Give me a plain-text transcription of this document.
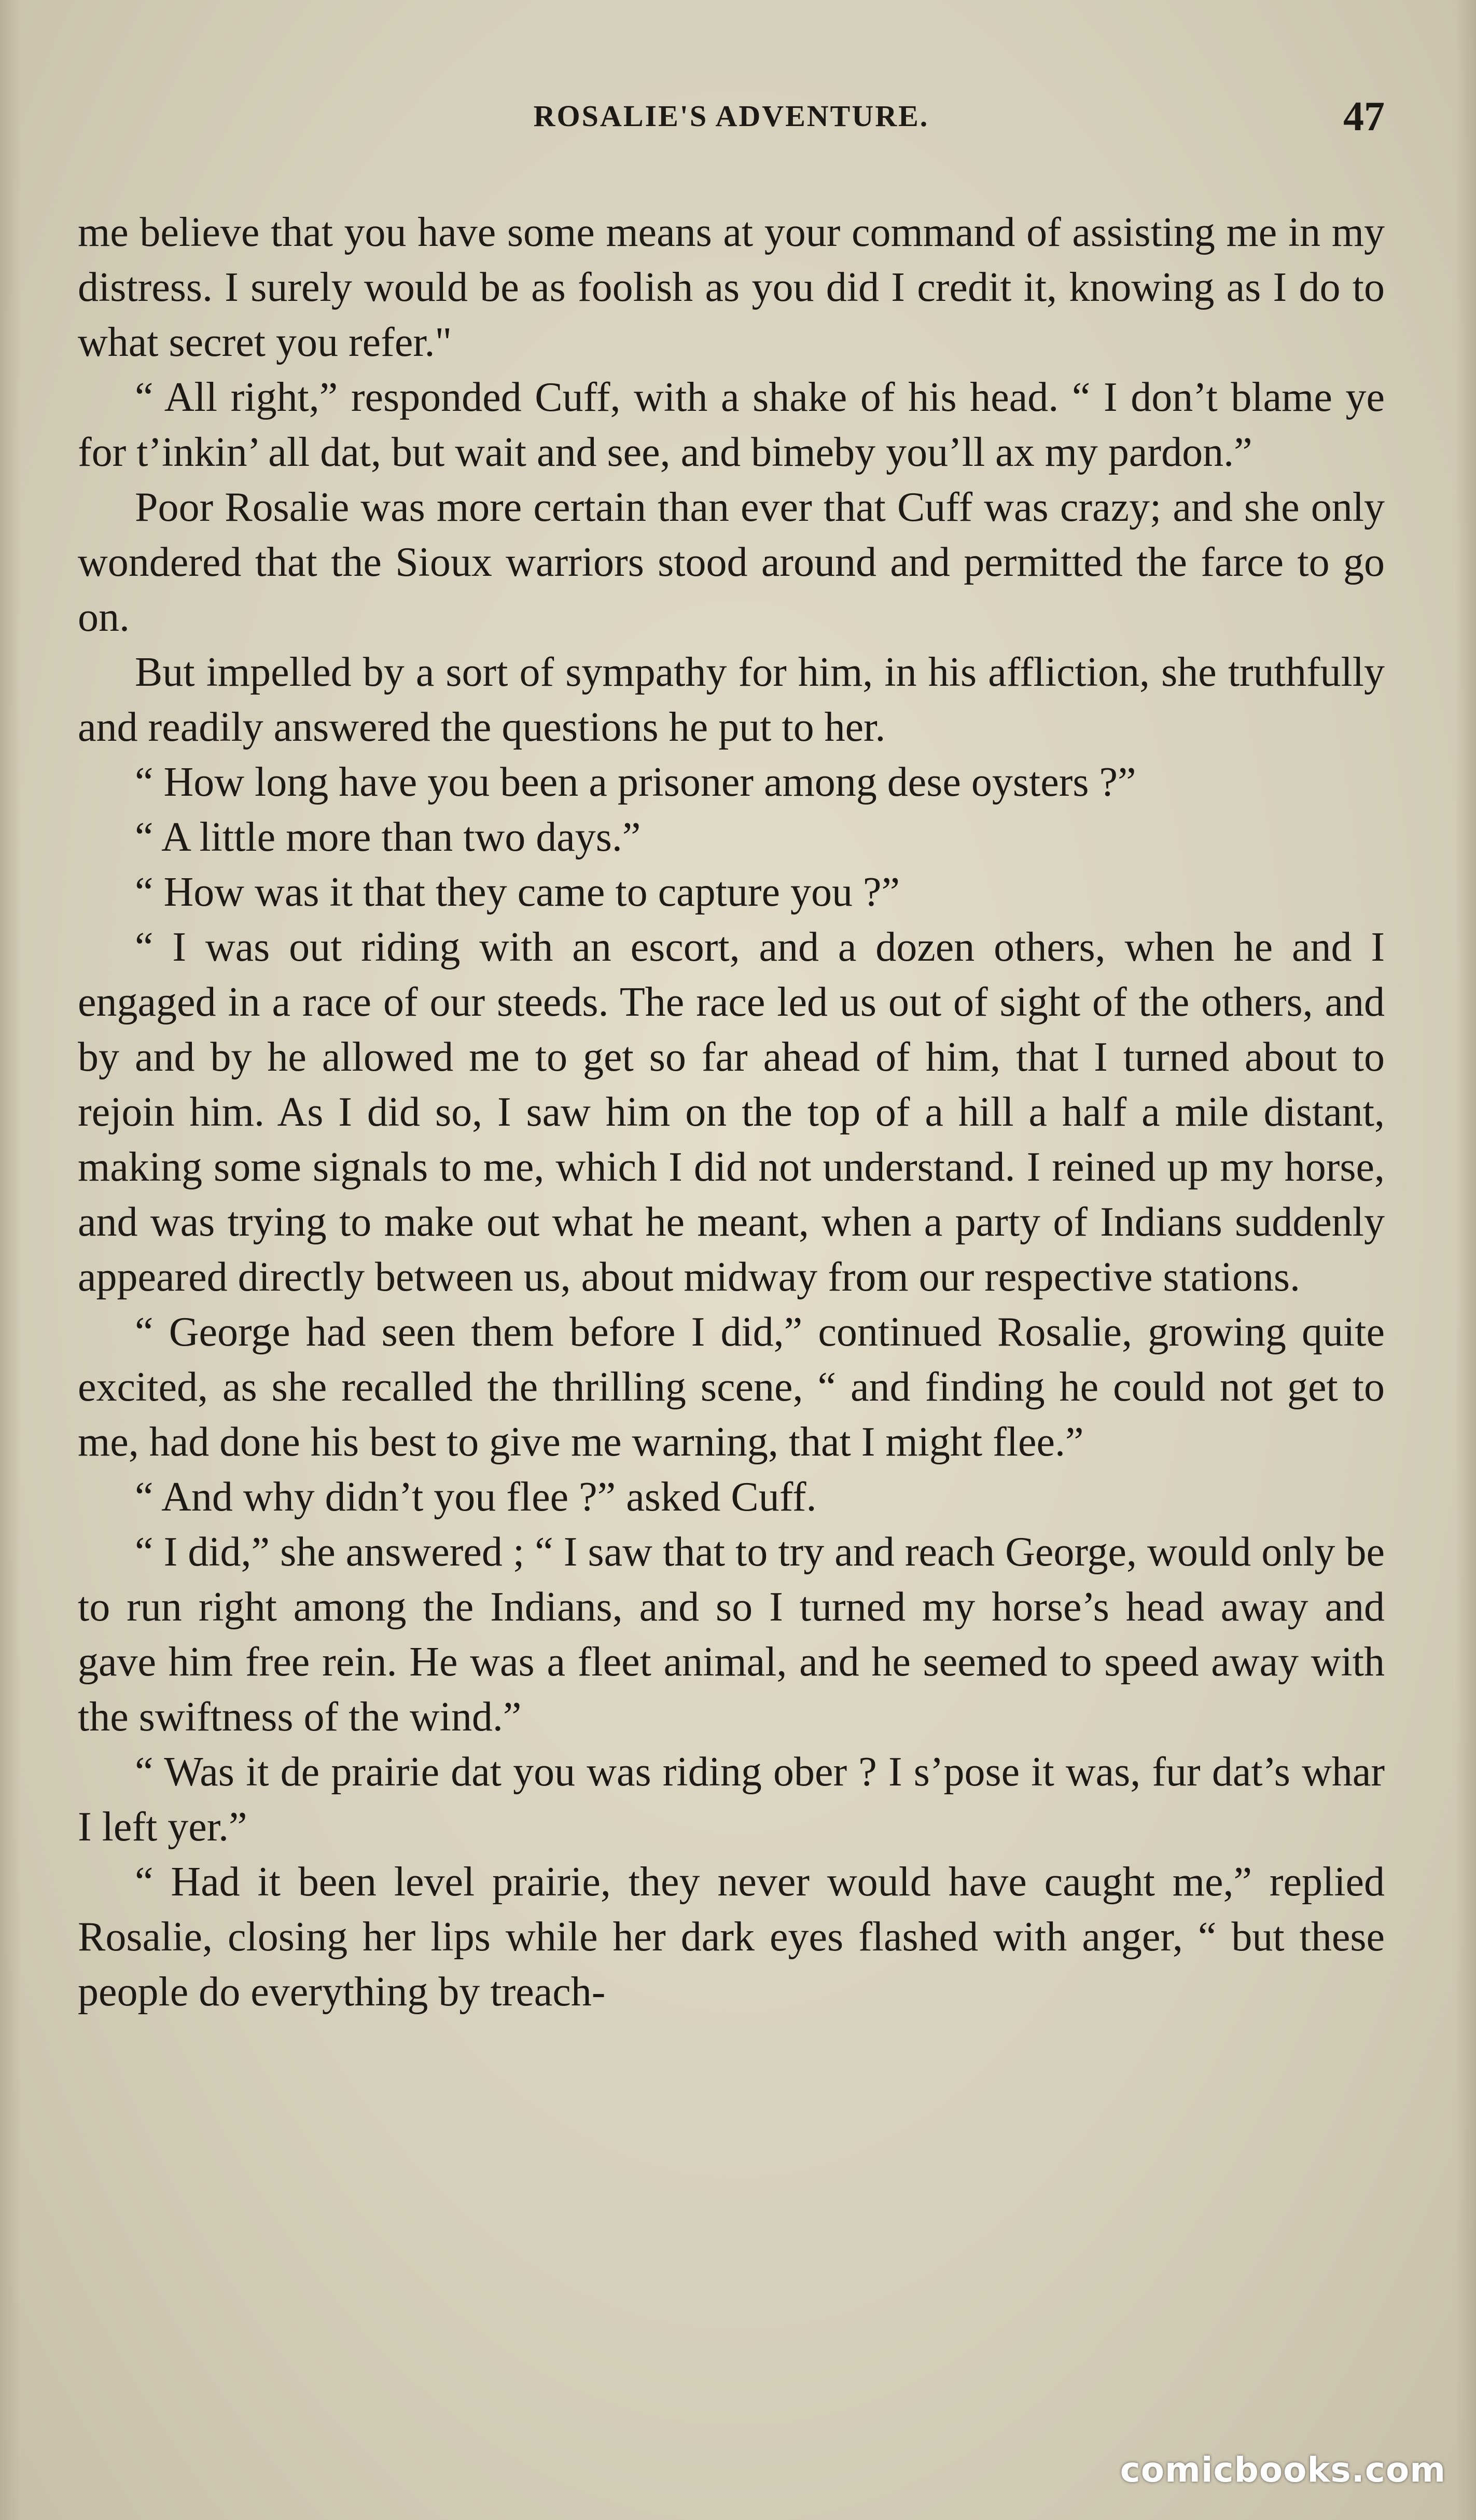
ROSALIE'S ADVENTURE.	47

me believe that you have some means at your command of assisting me in my distress. I surely would be as foolish as you did I credit it, knowing as I do to what secret you refer."

“ All right,” responded Cuff, with a shake of his head. “ I don’t blame ye for t’inkin’ all dat, but wait and see, and bimeby you’ll ax my pardon.”

Poor Rosalie was more certain than ever that Cuff was crazy; and she only wondered that the Sioux warriors stood around and permitted the farce to go on.

But impelled by a sort of sympathy for him, in his affliction, she truthfully and readily answered the questions he put to her.

“ How long have you been a prisoner among dese oysters ?”

“ A little more than two days.”

“ How was it that they came to capture you ?”

“ I was out riding with an escort, and a dozen others, when he and I engaged in a race of our steeds. The race led us out of sight of the others, and by and by he allowed me to get so far ahead of him, that I turned about to rejoin him. As I did so, I saw him on the top of a hill a half a mile distant, making some signals to me, which I did not understand. I reined up my horse, and was trying to make out what he meant, when a party of Indians suddenly appeared directly between us, about midway from our respective stations.

“ George had seen them before I did,” continued Rosalie, growing quite excited, as she recalled the thrilling scene, “ and finding he could not get to me, had done his best to give me warning, that I might flee.”

“ And why didn’t you flee ?” asked Cuff.

“ I did,” she answered ; “ I saw that to try and reach George, would only be to run right among the Indians, and so I turned my horse’s head away and gave him free rein. He was a fleet animal, and he seemed to speed away with the swiftness of the wind.”

“ Was it de prairie dat you was riding ober ? I s’pose it was, fur dat’s whar I left yer.”

“ Had it been level prairie, they never would have caught me,” replied Rosalie, closing her lips while her dark eyes flashed with anger, “ but these people do everything by treach-

comicbooks.com
